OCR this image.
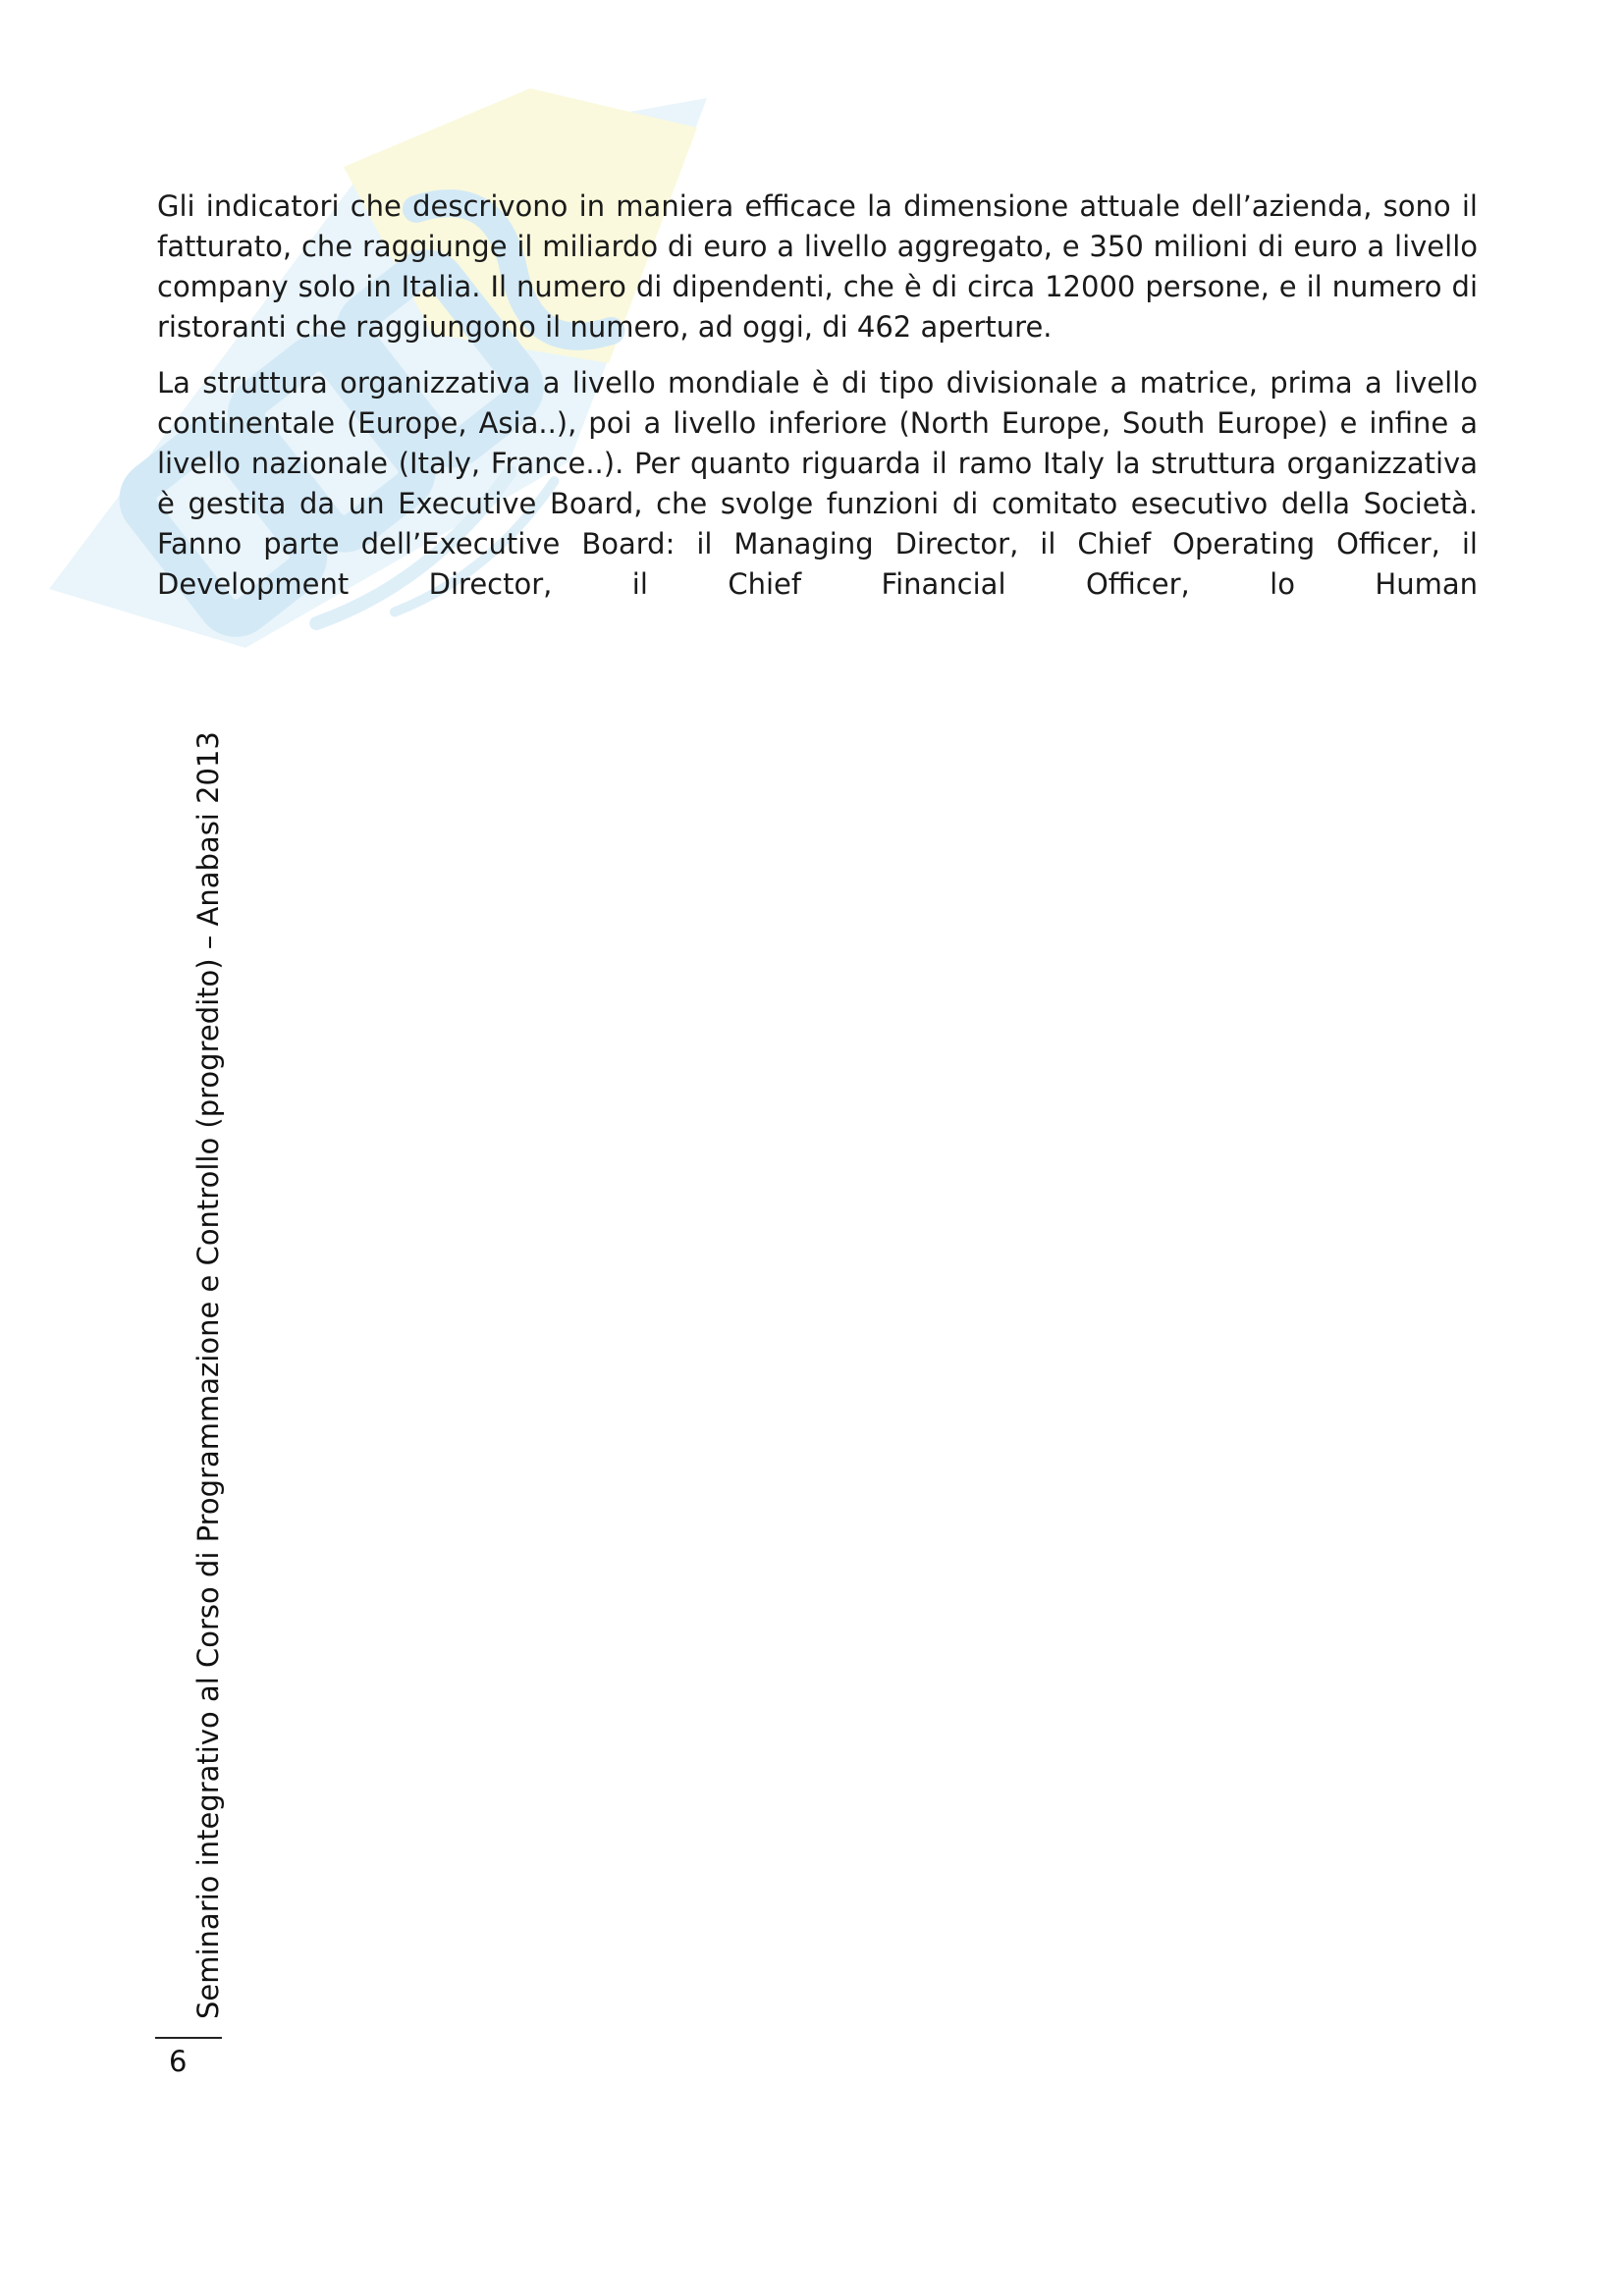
Gli indicatori che descrivono in maniera efficace la dimensione attuale dell’azienda, sono il fatturato, che raggiunge il miliardo di euro a livello aggregato, e 350 milioni di euro a livello company solo in Italia. Il numero di dipendenti, che è di circa 12000 persone, e il numero di ristoranti che raggiungono il numero, ad oggi, di 462 aperture.

La struttura organizzativa a livello mondiale è di tipo divisionale a matrice, prima a livello continentale (Europe, Asia..), poi a livello inferiore (North Europe, South Europe) e infine a livello nazionale (Italy, France..). Per quanto riguarda il ramo Italy la struttura organizzativa è gestita da un Executive Board, che svolge funzioni di comitato esecutivo della Società. Fanno parte dell’Executive Board: il Managing Director, il Chief Operating Officer, il Development Director, il Chief Financial Officer, lo Human

Seminario integrativo al Corso di Programmazione e Controllo (progredito) – Anabasi 2013
6
